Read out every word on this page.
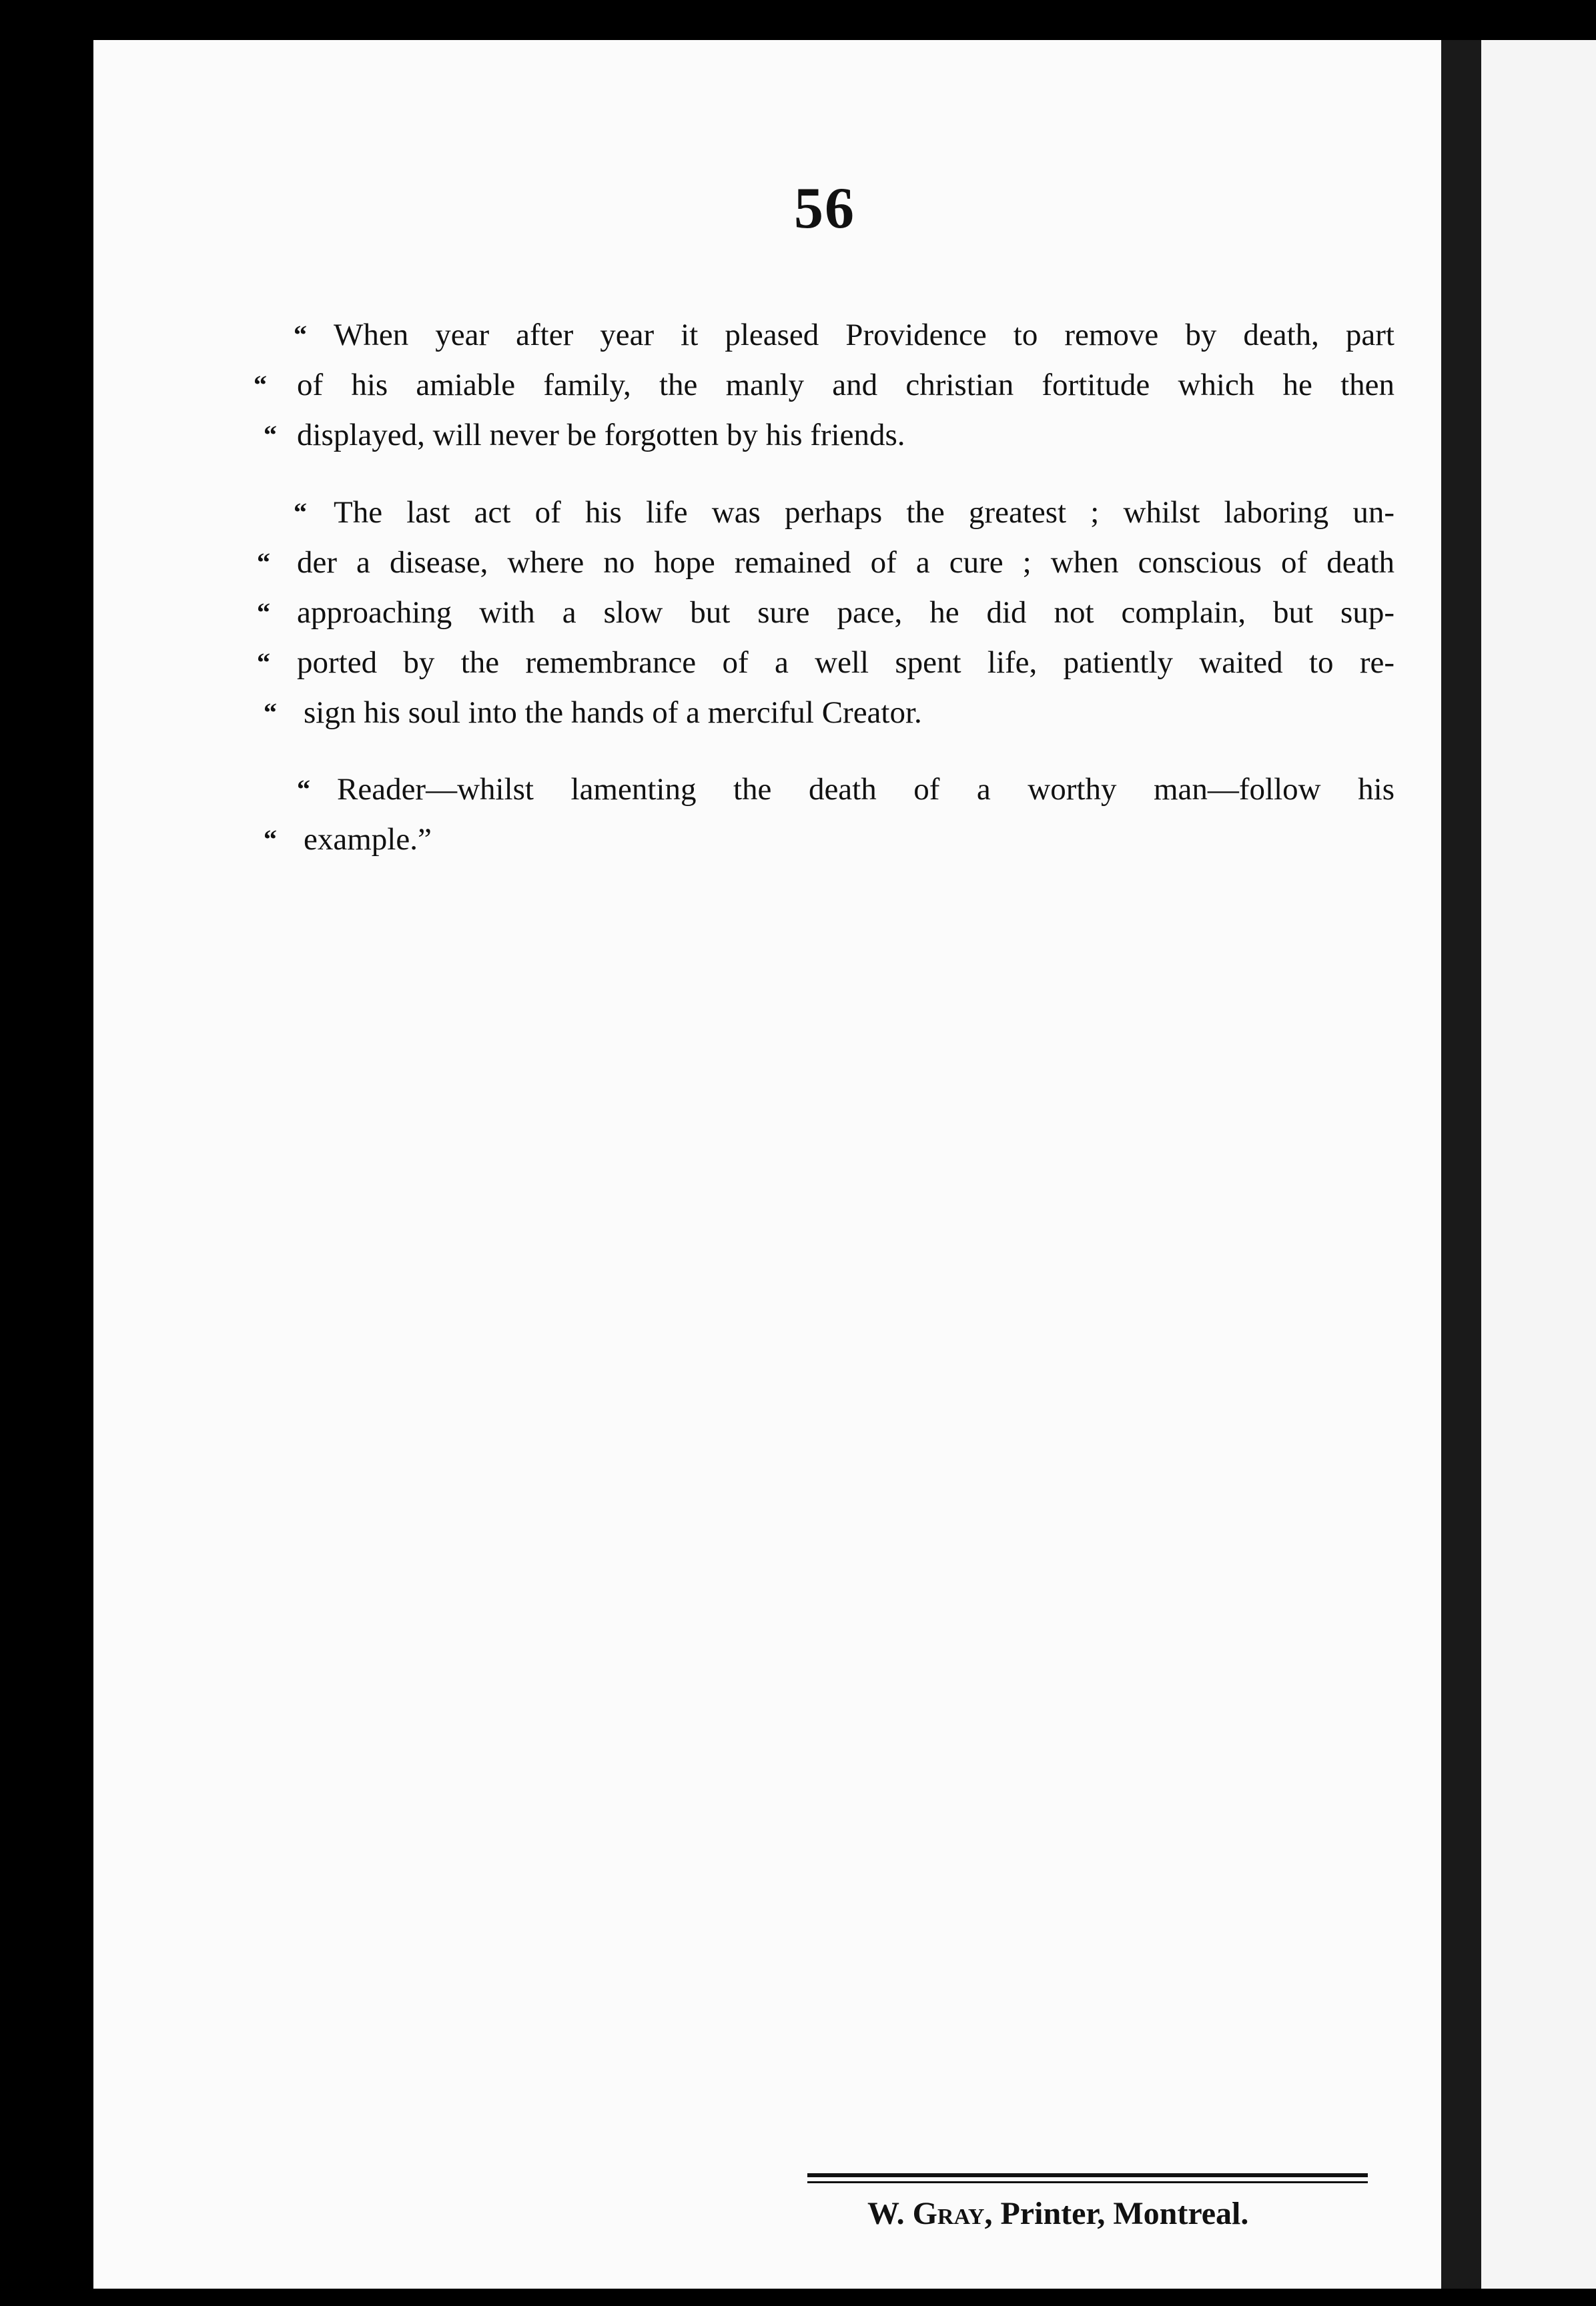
56
“ When year after year it pleased Providence to remove by death, part
“ of his amiable family, the manly and christian fortitude which he then
“ displayed, will never be forgotten by his friends.
“ The last act of his life was perhaps the greatest ; whilst laboring un-
“ der a disease, where no hope remained of a cure ; when conscious of death
“ approaching with a slow but sure pace, he did not complain, but sup-
“ ported by the remembrance of a well spent life, patiently waited to re-
“ sign his soul into the hands of a merciful Creator.
“ Reader—whilst lamenting the death of a worthy man—follow his
“ example.”
W. Gray, Printer, Montreal.
